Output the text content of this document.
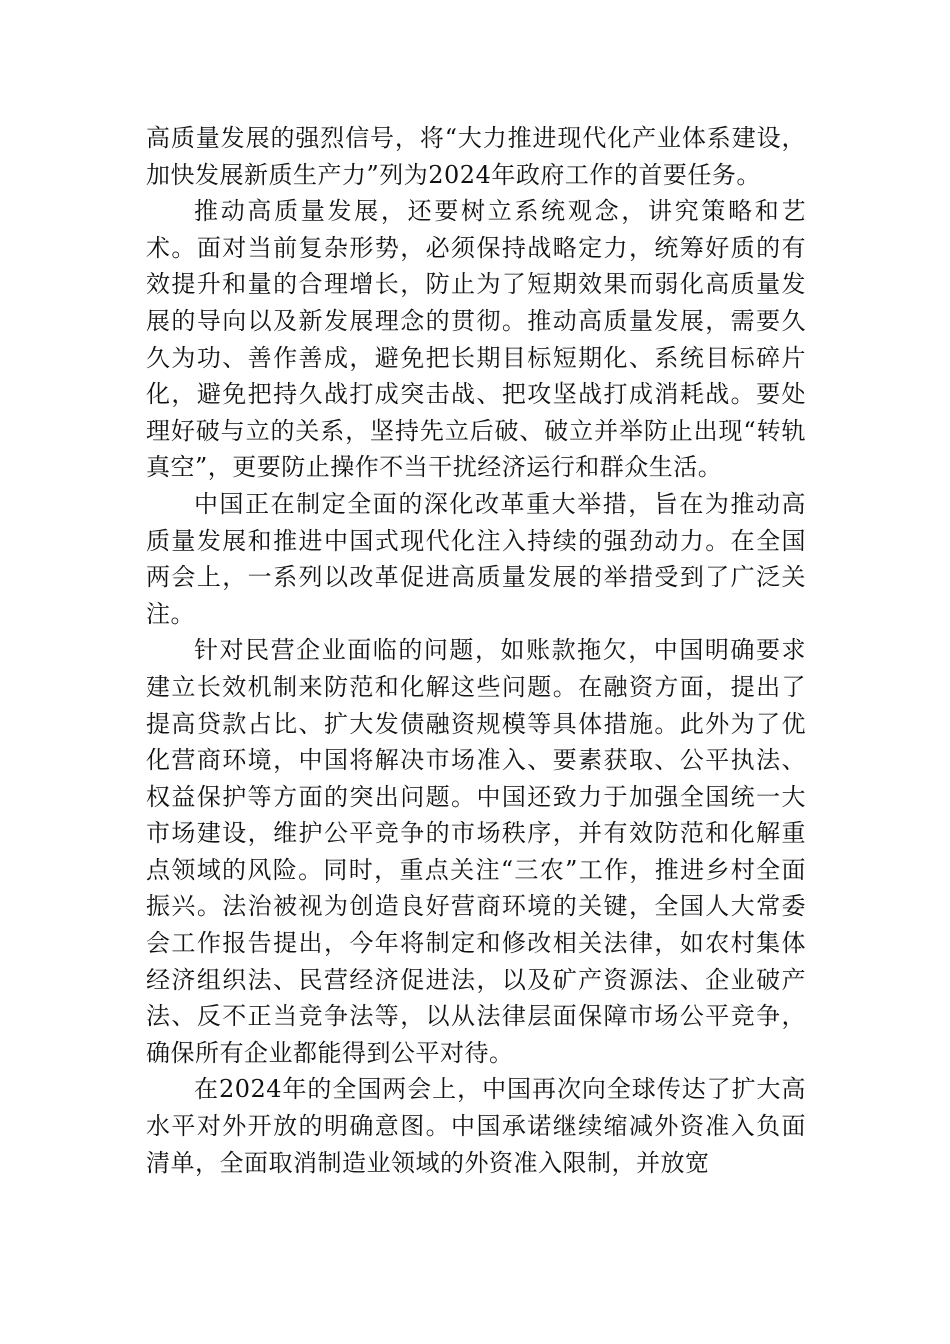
高质量发展的强烈信号，将“大力推进现代化产业体系建设，加快发展新质生产力”列为2024年政府工作的首要任务。

推动高质量发展，还要树立系统观念，讲究策略和艺术。面对当前复杂形势，必须保持战略定力，统筹好质的有效提升和量的合理增长，防止为了短期效果而弱化高质量发展的导向以及新发展理念的贯彻。推动高质量发展，需要久久为功、善作善成，避免把长期目标短期化、系统目标碎片化，避免把持久战打成突击战、把攻坚战打成消耗战。要处理好破与立的关系，坚持先立后破、破立并举防止出现“转轨真空”，更要防止操作不当干扰经济运行和群众生活。

中国正在制定全面的深化改革重大举措，旨在为推动高质量发展和推进中国式现代化注入持续的强劲动力。在全国两会上，一系列以改革促进高质量发展的举措受到了广泛关注。

针对民营企业面临的问题，如账款拖欠，中国明确要求建立长效机制来防范和化解这些问题。在融资方面，提出了提高贷款占比、扩大发债融资规模等具体措施。此外为了优化营商环境，中国将解决市场准入、要素获取、公平执法、权益保护等方面的突出问题。中国还致力于加强全国统一大市场建设，维护公平竞争的市场秩序，并有效防范和化解重点领域的风险。同时，重点关注“三农”工作，推进乡村全面振兴。法治被视为创造良好营商环境的关键，全国人大常委会工作报告提出，今年将制定和修改相关法律，如农村集体经济组织法、民营经济促进法，以及矿产资源法、企业破产法、反不正当竞争法等，以从法律层面保障市场公平竞争，确保所有企业都能得到公平对待。

在2024年的全国两会上，中国再次向全球传达了扩大高水平对外开放的明确意图。中国承诺继续缩减外资准入负面清单，全面取消制造业领域的外资准入限制，并放宽
